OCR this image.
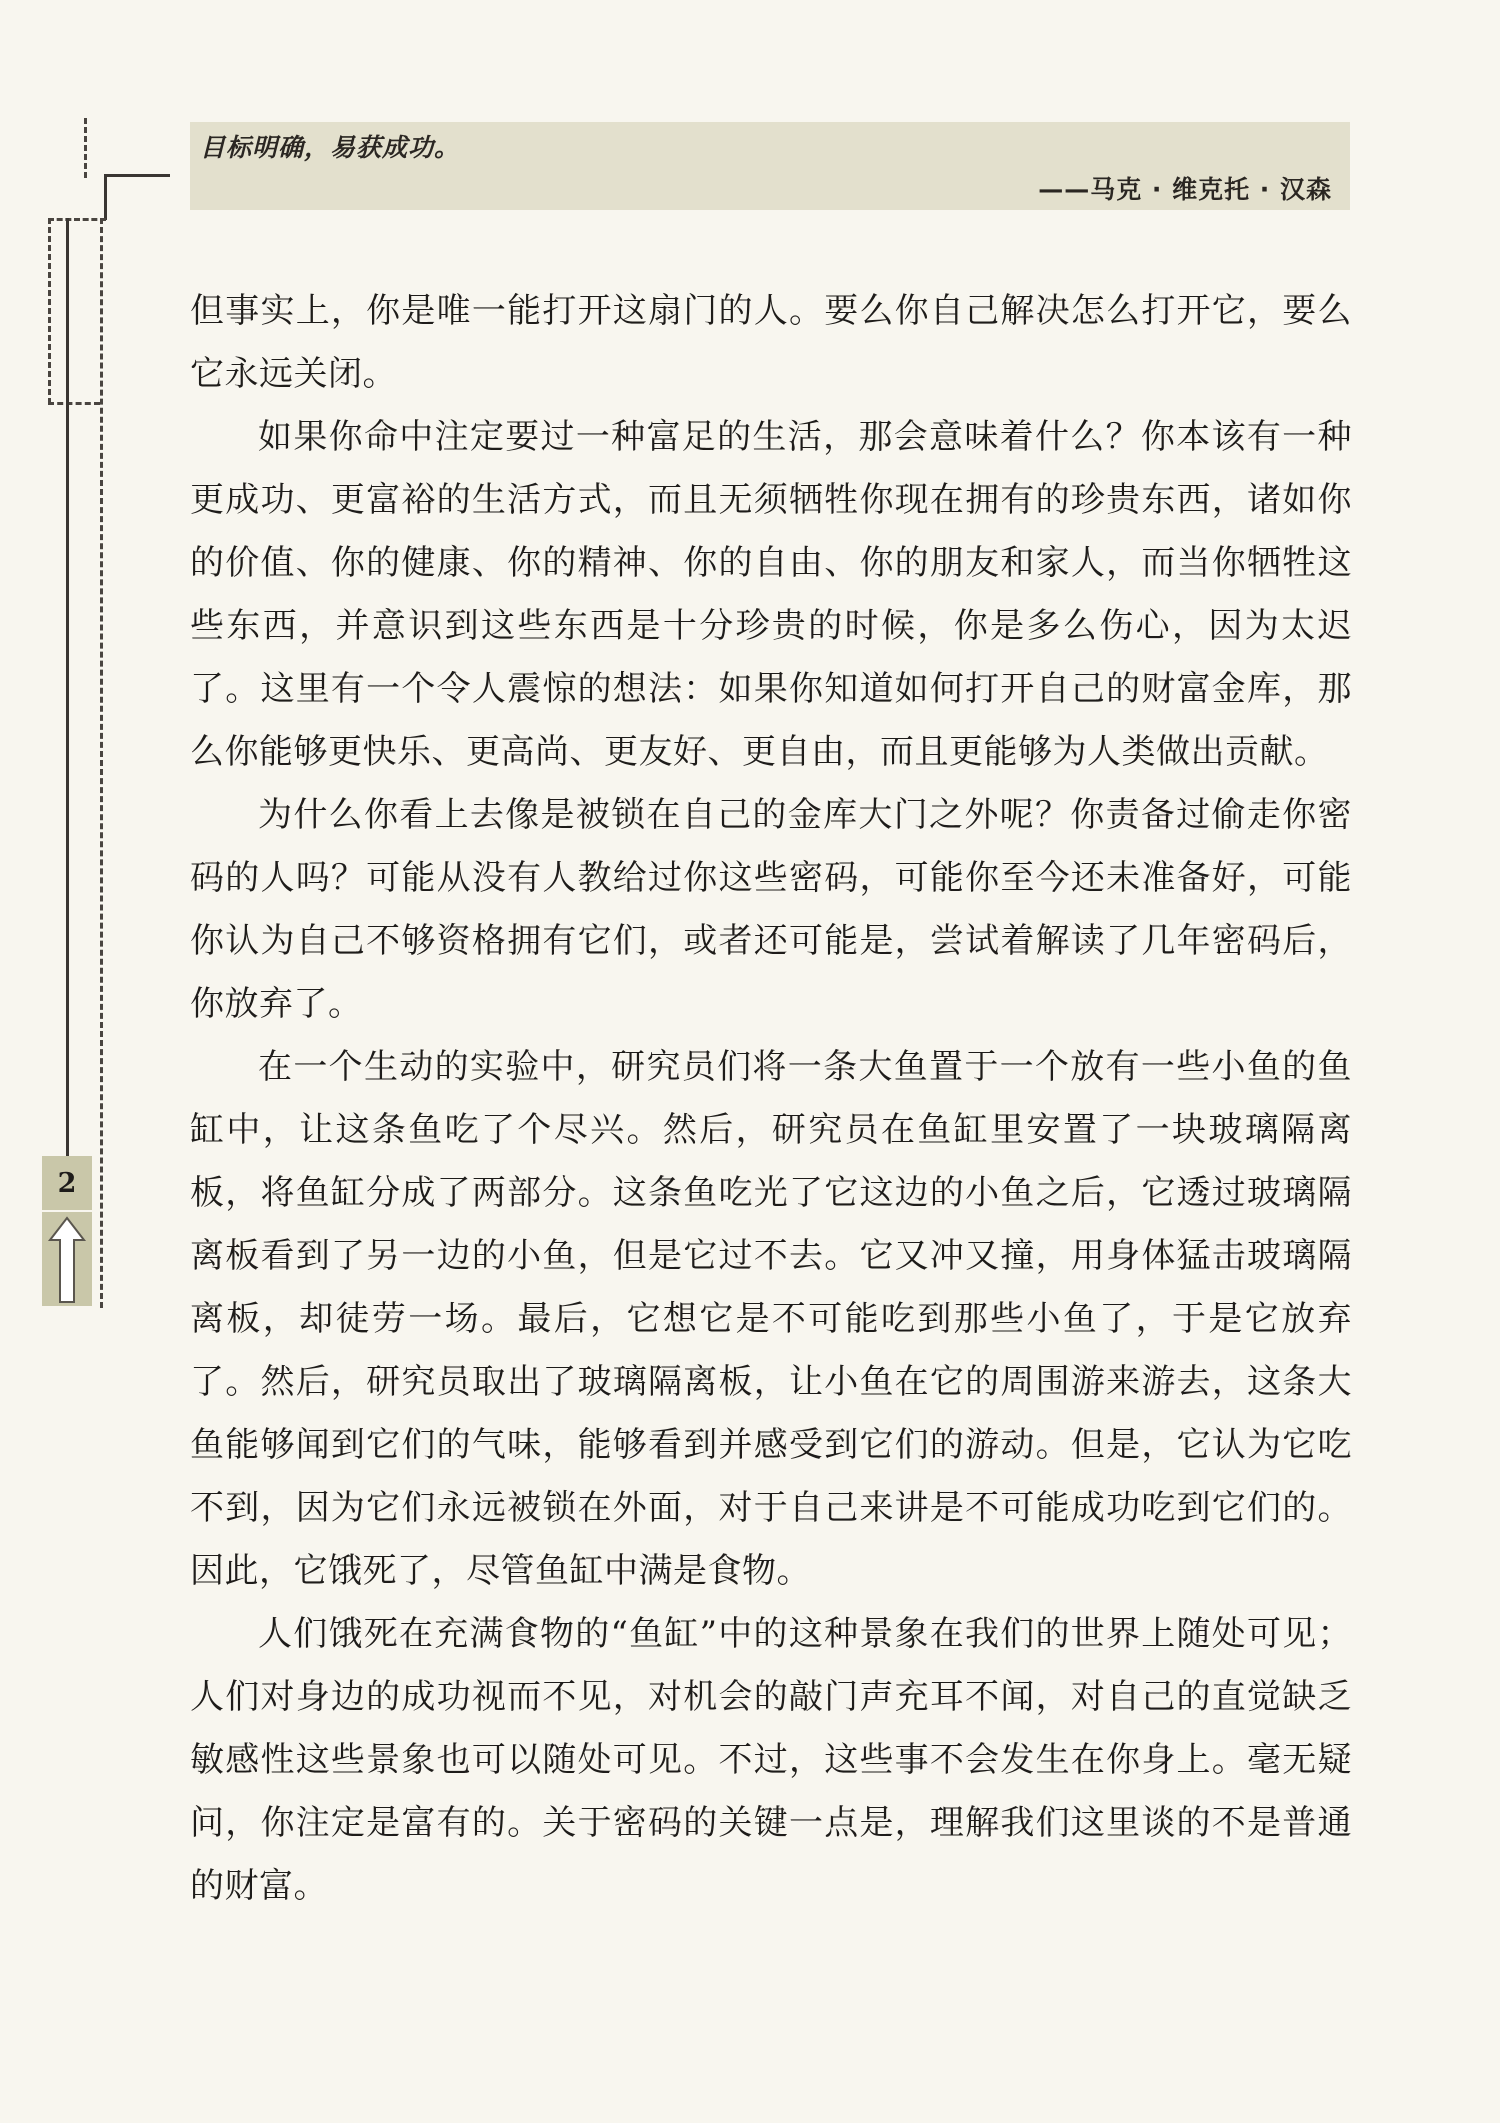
2
目标明确，易获成功。
——马克 · 维克托 · 汉森

但事实上，你是唯一能打开这扇门的人。要么你自己解决怎么打开它，要么它永远关闭。

如果你命中注定要过一种富足的生活，那会意味着什么？你本该有一种更成功、更富裕的生活方式，而且无须牺牲你现在拥有的珍贵东西，诸如你的价值、你的健康、你的精神、你的自由、你的朋友和家人，而当你牺牲这些东西，并意识到这些东西是十分珍贵的时候，你是多么伤心，因为太迟了。这里有一个令人震惊的想法：如果你知道如何打开自己的财富金库，那么你能够更快乐、更高尚、更友好、更自由，而且更能够为人类做出贡献。

为什么你看上去像是被锁在自己的金库大门之外呢？你责备过偷走你密码的人吗？可能从没有人教给过你这些密码，可能你至今还未准备好，可能你认为自己不够资格拥有它们，或者还可能是，尝试着解读了几年密码后，你放弃了。

在一个生动的实验中，研究员们将一条大鱼置于一个放有一些小鱼的鱼缸中，让这条鱼吃了个尽兴。然后，研究员在鱼缸里安置了一块玻璃隔离板，将鱼缸分成了两部分。这条鱼吃光了它这边的小鱼之后，它透过玻璃隔离板看到了另一边的小鱼，但是它过不去。它又冲又撞，用身体猛击玻璃隔离板，却徒劳一场。最后，它想它是不可能吃到那些小鱼了，于是它放弃了。然后，研究员取出了玻璃隔离板，让小鱼在它的周围游来游去，这条大鱼能够闻到它们的气味，能够看到并感受到它们的游动。但是，它认为它吃不到，因为它们永远被锁在外面，对于自己来讲是不可能成功吃到它们的。因此，它饿死了，尽管鱼缸中满是食物。

人们饿死在充满食物的“鱼缸”中的这种景象在我们的世界上随处可见；人们对身边的成功视而不见，对机会的敲门声充耳不闻，对自己的直觉缺乏敏感性这些景象也可以随处可见。不过，这些事不会发生在你身上。毫无疑问，你注定是富有的。关于密码的关键一点是，理解我们这里谈的不是普通的财富。
